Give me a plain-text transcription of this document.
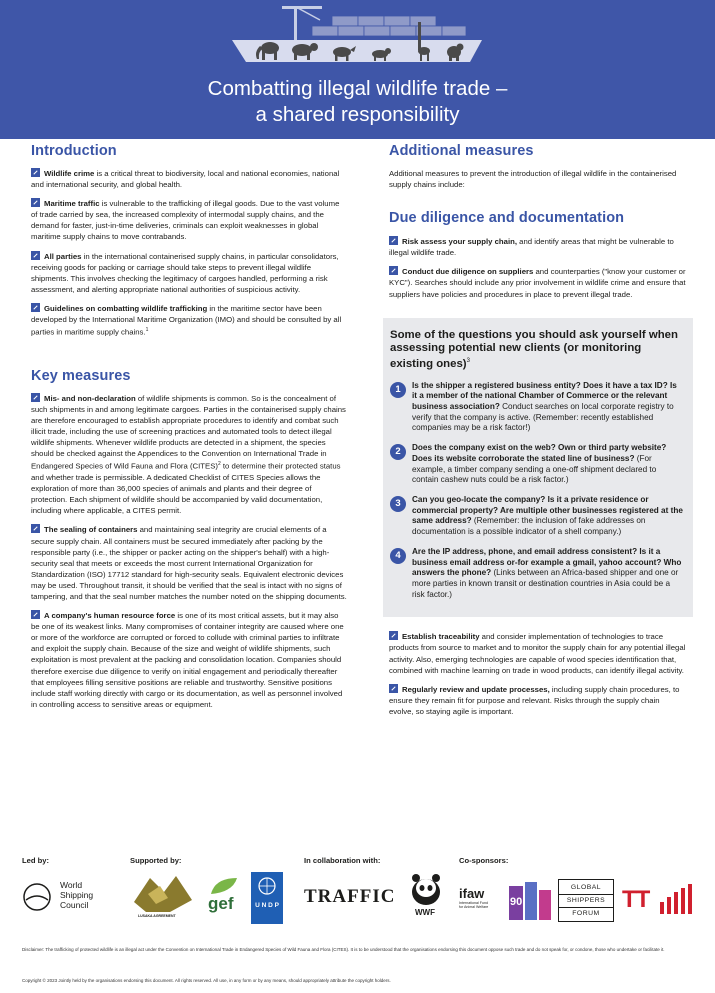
Combatting illegal wildlife trade –
a shared responsibility
Introduction

Wildlife crime is a critical threat to biodiversity, local and national economies, national and international security, and global health.

Maritime traffic is vulnerable to the trafficking of illegal goods. Due to the vast volume of trade carried by sea, the increased complexity of intermodal supply chains, and the demand for faster, just-in-time deliveries, criminals can exploit weaknesses in global maritime supply chains to move contrabands.

All parties in the international containerised supply chains, in particular consolidators, receiving goods for packing or carriage should take steps to prevent illegal wildlife shipments. This involves checking the legitimacy of cargoes handled, performing a risk assessment, and alerting appropriate national authorities of suspicious activity.

Guidelines on combatting wildlife trafficking in the maritime sector have been developed by the International Maritime Organization (IMO) and should be consulted by all parties in maritime supply chains.$^1$

Key measures

Mis- and non-declaration of wildlife shipments is common. So is the concealment of such shipments in and among legitimate cargoes. Parties in the containerised supply chains are therefore encouraged to establish appropriate procedures to identify and combat such illicit trade, including the use of screening practices and automated tools to detect illegal wildlife shipments. Whenever wildlife products are detected in a shipment, the species should be checked against the Appendices to the Convention on International Trade in Endangered Species of Wild Fauna and Flora (CITES)$^2$ to determine their protected status and whether trade is permissible. A dedicated Checklist of CITES Species allows the exploration of more than 36,000 species of animals and plants and their degree of protection. Each shipment of wildlife should be accompanied by valid documentation, including where applicable, a CITES permit.

The sealing of containers and maintaining seal integrity are crucial elements of a secure supply chain. All containers must be secured immediately after packing by the responsible party (i.e., the shipper or packer acting on the shipper's behalf) with a high-security seal that meets or exceeds the most current International Organization for Standardization (ISO) 17712 standard for high-security seals. Equivalent electronic devices may be used. Throughout transit, it should be verified that the seal is intact with no signs of tampering, and that the seal number matches the number noted on the shipping documents.

A company's human resource force is one of its most critical assets, but it may also be one of its weakest links. Many compromises of container integrity are caused where one or more of the workforce are corrupted or forced to collude with criminal parties to infiltrate and exploit the supply chain. Because of the size and weight of wildlife shipments, such exploitation is most prevalent at the packing and consolidation location. Companies should therefore exercise due diligence to verify on initial engagement and periodically thereafter that employees filling sensitive positions are reliable and trustworthy. Sensitive positions include staff working directly with cargo or its documentation, as well as personnel involved in controlling access to sensitive areas or equipment.

Additional measures

Additional measures to prevent the introduction of illegal wildlife in the containerised supply chains include:

Due diligence and documentation

Risk assess your supply chain, and identify areas that might be vulnerable to illegal wildlife trade.

Conduct due diligence on suppliers and counterparties ("know your customer or KYC"). Searches should include any prior involvement in wildlife crime and ensure that suppliers have policies and procedures in place to prevent illegal trade.

Some of the questions you should ask yourself when assessing potential new clients (or monitoring existing ones)$^3$
1	Is the shipper a registered business entity? Does it have a tax ID? Is it a member of the national Chamber of Commerce or the relevant business association? Conduct searches on local corporate registry to verify that the company is active. (Remember: recently established companies may be a risk factor!)
2	Does the company exist on the web? Own or third party website? Does its website corroborate the stated line of business? (For example, a timber company sending a one-off shipment declared to contain cashew nuts could be a risk factor.)
3	Can you geo-locate the company? Is it a private residence or commercial property? Are multiple other businesses registered at the same address? (Remember: the inclusion of fake addresses on documentation is a possible indicator of a shell company.)
4	Are the IP address, phone, and email address consistent? Is it a business email address or-for example a gmail, yahoo account? Who answers the phone? (Links between an Africa-based shipper and one or more parties in known transit or destination countries in Asia could be a risk factor.)

Establish traceability and consider implementation of technologies to trace products from source to market and to monitor the supply chain for any potential illegal activity. Also, emerging technologies are capable of wood species identification that, combined with machine learning on trade in wood products, can identify illegal activity.

Regularly review and update processes, including supply chain procedures, to ensure they remain fit for purpose and relevant. Risks through the supply chain evolve, so staying agile is important.

Led by:	Supported by:	In collaboration with:	Co-sponsors:
World
Shipping
Council
LUSAKA AGREEMENT
gef	U N D P TRAFFIC
WWF
ifaw
International Fund for Animal Welfare 90
GLOBAL
SHIPPERS
FORUM
TT
Disclaimer: The trafficking of protected wildlife is an illegal act under the Convention on International Trade in Endangered Species of Wild Fauna and Flora (CITES). It is to be understood that the organisations endorsing this document oppose such trade and do not speak for, or condone, those who undertake or facilitate it.
Copyright © 2023 Jointly held by the organisations endorsing this document. All rights reserved. All use, in any form or by any means, should appropriately attribute the copyright holders.
